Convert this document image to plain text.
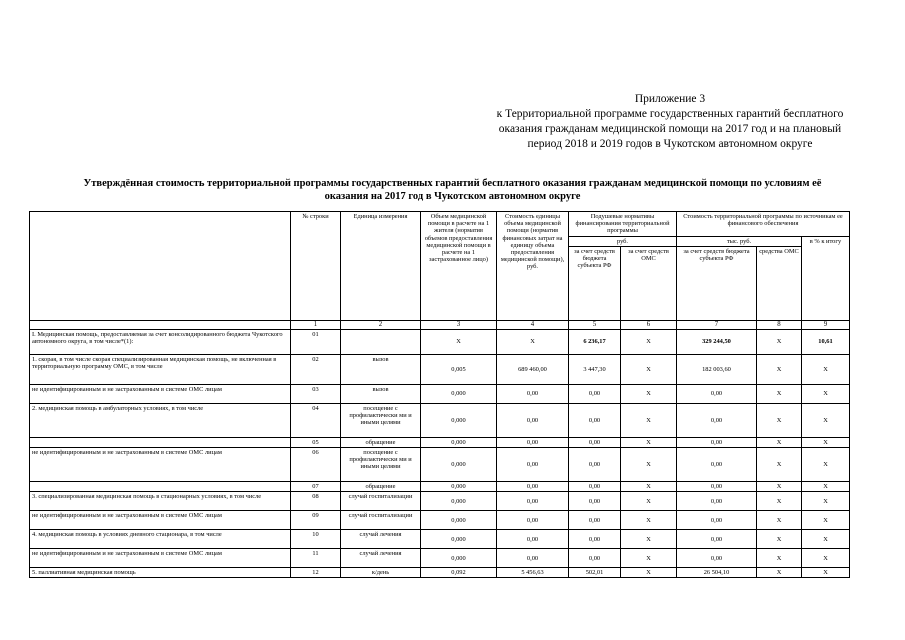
Приложение 3
к Территориальной программе государственных гарантий бесплатного
оказания гражданам медицинской помощи на 2017 год и на плановый
период 2018 и 2019 годов в Чукотском автономном округе
Утверждённая стоимость территориальной программы государственных гарантий бесплатного оказания гражданам медицинской помощи по условиям её
оказания на 2017 год в Чукотском автономном округе
	№ строки	Единица измерения	Объем медицинской помощи в расчете на 1 жителя (норматив объемов предоставления медицинской помощи в расчете на 1 застрахованное лицо)	Стоимость единицы объема медицинской помощи (норматив финансовых затрат на единицу объема предоставления медицинской помощи), руб.	Подушевые нормативы финансирования территориальной программы		Стоимость территориальной программы по источникам ее финансового обеспечения		
					руб.		тыс. руб.		в % к итогу
					за счет средств бюджета субъекта РФ	за счет средств ОМС	за счет средств бюджета субъекта РФ	средства ОМС	
	1	2	3	4	5	6	7	8	9
I. Медицинская помощь, предоставляемая за счет консолидированного бюджета Чукотского автономного округа, в том числе*(1):	01		X	X	6 236,17	X	329 244,50	X	10,61
1. скорая, в том числе скорая специализированная медицинская помощь, не включенная в территориальную программу ОМС, в том числе	02	вызов	0,005	689 460,00	3 447,30	X	182 003,60	X	X
не идентифицированным и не застрахованным в системе ОМС лицам	03	вызов	0,000	0,00	0,00	X	0,00	X	X
2. медицинская помощь в амбулаторных условиях, в том числе	04	посещение с профилактически ми и иными целями	0,000	0,00	0,00	X	0,00	X	X
	05	обращение	0,000	0,00	0,00	X	0,00	X	X
не идентифицированным и не застрахованным в системе ОМС лицам	06	посещение с профилактически ми и иными целями	0,000	0,00	0,00	X	0,00	X	X
	07	обращение	0,000	0,00	0,00	X	0,00	X	X
3. специализированная медицинская помощь в стационарных условиях, в том числе	08	случай госпитализации	0,000	0,00	0,00	X	0,00	X	X
не идентифицированным и не застрахованным в системе ОМС лицам	09	случай госпитализации	0,000	0,00	0,00	X	0,00	X	X
4. медицинская помощь в условиях дневного стационара, в том числе	10	случай лечения	0,000	0,00	0,00	X	0,00	X	X
не идентифицированным и не застрахованным в системе ОМС лицам	11	случай лечения	0,000	0,00	0,00	X	0,00	X	X
5. паллиативная медицинская помощь	12	к/день	0,092	5 456,63	502,01	X	26 504,10	X	X
